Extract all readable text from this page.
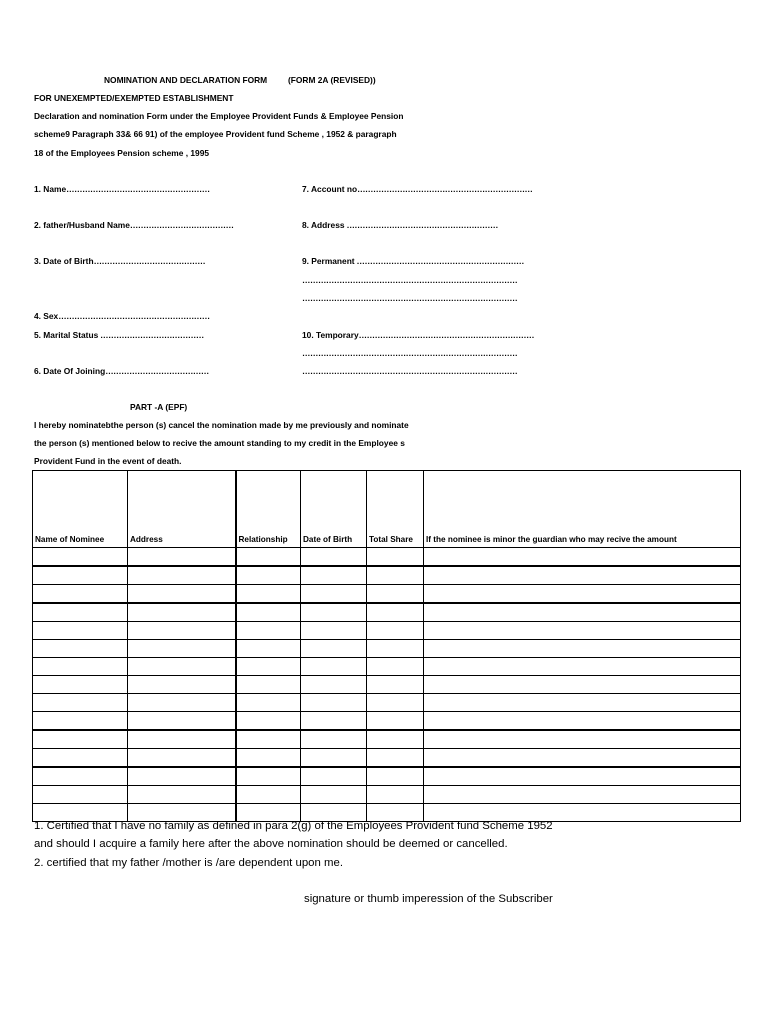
NOMINATION AND DECLARATION FORM (FORM 2A (REVISED))
FOR UNEXEMPTED/EXEMPTED ESTABLISHMENT
Declaration and nomination Form under the Employee Provident Funds & Employee Pension
scheme9 Paragraph 33& 66 91) of the employee Provident fund Scheme , 1952 & paragraph
18 of the Employees Pension scheme , 1995
1. Name………………………………………………
2. father/Husband Name…………………………………
3. Date of Birth……………………………………
4. Sex…………………………………………………
5. Marital Status …………………………………
6. Date Of Joining…………………………………
7. Account no…………………………………………………………
8. Address …………………………………………………
9. Permanent ………………………………………………………
………………………………………………………………………
………………………………………………………………………
10. Temporary…………………………………………………………
………………………………………………………………………
………………………………………………………………………
PART -A (EPF)
I hereby nominatebthe person (s) cancel the nomination made by me previously and nominate
the person (s) mentioned below to recive the amount standing to my credit in the Employee s
Provident Fund in the event of death.
Name of Nominee	Address	Relationship	Date of Birth	Total Share	If the nominee is minor the guardian who may recive the amount

1. Certified that I have no family as defined in para 2(g) of the Employees Provident fund Scheme 1952
and should I acquire a family here after the above nomination should be deemed or cancelled.
2. certified that my father /mother is /are dependent upon me.
signature or thumb imperession of the Subscriber
